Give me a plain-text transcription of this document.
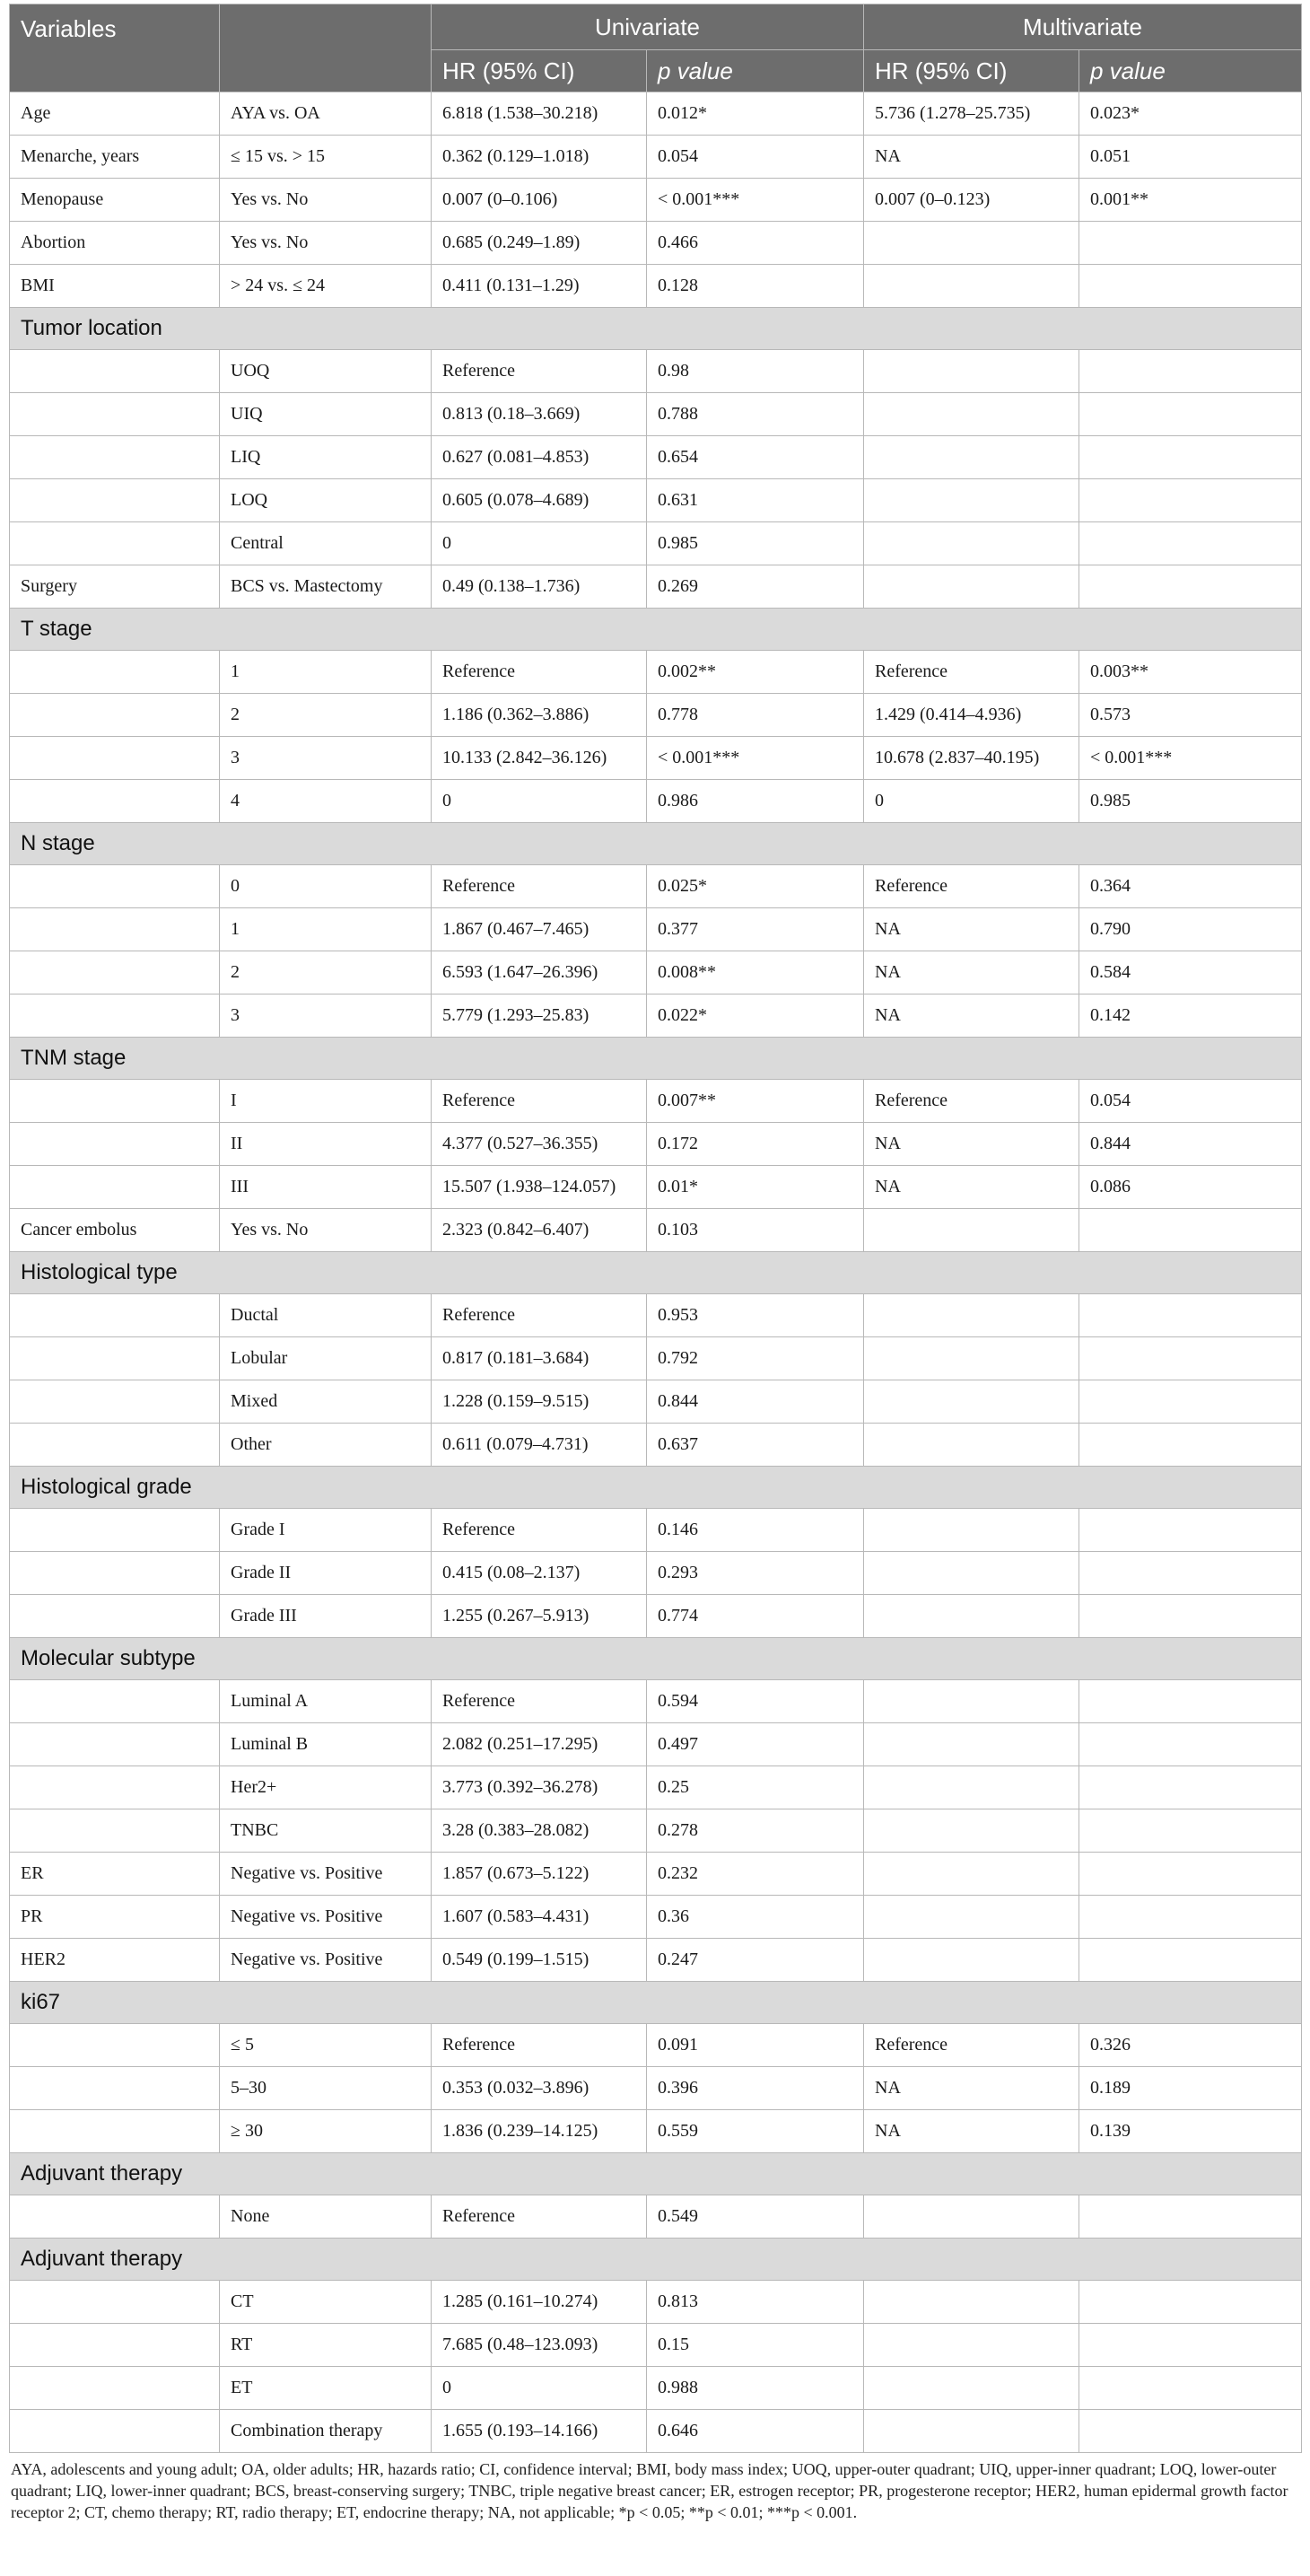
Variables		Univariate		Multivariate	
		HR (95% CI)	p value	HR (95% CI)	p value
Age	AYA vs. OA	6.818 (1.538–30.218)	0.012*	5.736 (1.278–25.735)	0.023*
Menarche, years	≤ 15 vs. > 15	0.362 (0.129–1.018)	0.054	NA	0.051
Menopause	Yes vs. No	0.007 (0–0.106)	< 0.001***	0.007 (0–0.123)	0.001**
Abortion	Yes vs. No	0.685 (0.249–1.89)	0.466		
BMI	> 24 vs. ≤ 24	0.411 (0.131–1.29)	0.128		
Tumor location					
	UOQ	Reference	0.98		
	UIQ	0.813 (0.18–3.669)	0.788		
	LIQ	0.627 (0.081–4.853)	0.654		
	LOQ	0.605 (0.078–4.689)	0.631		
	Central	0	0.985		
Surgery	BCS vs. Mastectomy	0.49 (0.138–1.736)	0.269		
T stage					
	1	Reference	0.002**	Reference	0.003**
	2	1.186 (0.362–3.886)	0.778	1.429 (0.414–4.936)	0.573
	3	10.133 (2.842–36.126)	< 0.001***	10.678 (2.837–40.195)	< 0.001***
	4	0	0.986	0	0.985
N stage					
	0	Reference	0.025*	Reference	0.364
	1	1.867 (0.467–7.465)	0.377	NA	0.790
	2	6.593 (1.647–26.396)	0.008**	NA	0.584
	3	5.779 (1.293–25.83)	0.022*	NA	0.142
TNM stage					
	I	Reference	0.007**	Reference	0.054
	II	4.377 (0.527–36.355)	0.172	NA	0.844
	III	15.507 (1.938–124.057)	0.01*	NA	0.086
Cancer embolus	Yes vs. No	2.323 (0.842–6.407)	0.103		
Histological type					
	Ductal	Reference	0.953		
	Lobular	0.817 (0.181–3.684)	0.792		
	Mixed	1.228 (0.159–9.515)	0.844		
	Other	0.611 (0.079–4.731)	0.637		
Histological grade					
	Grade I	Reference	0.146		
	Grade II	0.415 (0.08–2.137)	0.293		
	Grade III	1.255 (0.267–5.913)	0.774		
Molecular subtype					
	Luminal A	Reference	0.594		
	Luminal B	2.082 (0.251–17.295)	0.497		
	Her2+	3.773 (0.392–36.278)	0.25		
	TNBC	3.28 (0.383–28.082)	0.278		
ER	Negative vs. Positive	1.857 (0.673–5.122)	0.232		
PR	Negative vs. Positive	1.607 (0.583–4.431)	0.36		
HER2	Negative vs. Positive	0.549 (0.199–1.515)	0.247		
ki67					
	≤ 5	Reference	0.091	Reference	0.326
	5–30	0.353 (0.032–3.896)	0.396	NA	0.189
	≥ 30	1.836 (0.239–14.125)	0.559	NA	0.139
Adjuvant therapy					
	None	Reference	0.549		
Adjuvant therapy					
	CT	1.285 (0.161–10.274)	0.813		
	RT	7.685 (0.48–123.093)	0.15		
	ET	0	0.988		
	Combination therapy	1.655 (0.193–14.166)	0.646		
AYA, adolescents and young adult; OA, older adults; HR, hazards ratio; CI, confidence interval; BMI, body mass index; UOQ, upper-outer quadrant; UIQ, upper-inner quadrant; LOQ, lower-outer quadrant; LIQ, lower-inner quadrant; BCS, breast-conserving surgery; TNBC, triple negative breast cancer; ER, estrogen receptor; PR, progesterone receptor; HER2, human epidermal growth factor receptor 2; CT, chemo therapy; RT, radio therapy; ET, endocrine therapy; NA, not applicable; *p < 0.05; **p < 0.01; ***p < 0.001.
